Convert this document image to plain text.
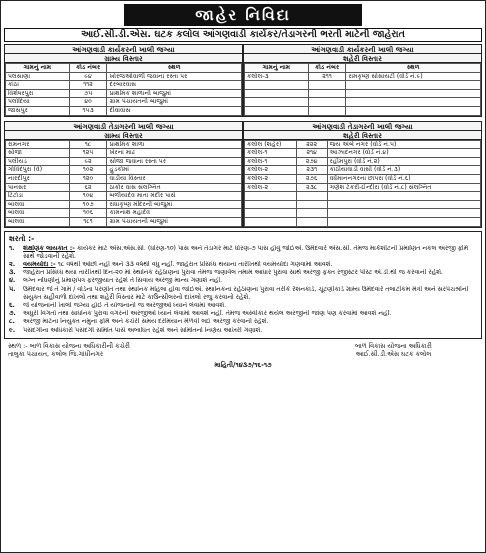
જાહેર નિવિદા
આઈ.સી.ડી.એસ. ઘટક કલોલ આંગણવાડી કાર્યકર/તેડાગરની ભરતી માટેની જાહેરાત
આંગણવાડી કાર્યકરની ખાલી જગ્યા
ગ્રામ્ય વિસ્તાર
ગામનું નામ	કોડ નંબર	સ્થળ
પલસાણા	૯૪	ખોરજઓવાળી જવાના રસ્તા પર
કાંઠા	૧૧૨	દરબારવાસ
વિશેષરપુરા	૭૫	પ્રાથમિક શાળાની બાજુમાં
પલોદિયા	૪૦	ગ્રામ પંચાયતની બાજુમાં
જાસપુર	૧૫૩	દીવાવાસ
આંગણવાડી કાર્યકરની ખાલી જગ્યા
શહેરી વિસ્તાર
ગામનું નામ	કોડ નંબર	સ્થળ
કલોલ-૩	૨૧૧	રામકૃષ્ણ સોસાયટી (વોર્ડ નં.૯)

આંગણવાડી તેડાગરની ખાલી જગ્યા
ગ્રામ્ય વિસ્તાર
રામનગર	૧૮	પ્રાથમિક શાળા
સોજા	૧૨૫	ખેરના માઢ
પલીયડ	૯૨	સોજા જવાના રસ્તા પર
ગોવિંદપુરા (વે)	૧૦૨	હુડકોમાં
નારદીપુર	૧૨૦	વાડીયા વિસ્તાર
પાનસર	૬૨	ઠાકોર વાસ સંલગ્નિત
ટિંટોડા	૧૦૪	બળીયાદેવ માતા મંદીર પાસે
બાલવા	૧૦૭	રાધાકૃષ્ણ મંદિરની બાજુમાં
બાલવા	૧૦૬	કામનાથ મહાદેવ
બાલવા	૧૮૧	ગ્રામ પંચાયતની બાજુમાં
આંગણવાડી તેડાગરની ખાલી જગ્યા
શહેરી વિસ્તાર
કલોલ (શહેર)	૨૨૨	જય અંબે નગર (વોર્ડ નં.૫)
કલોલ-૧	૨૧૪	આઝાદનગર (વોર્ડ નં.૪)
કલોલ-૧	૨૭૪	રહીમપુરા (વોર્ડ નં.૨)
કલોલ-૨	૨૩૧	કાઠીયાવાડી વાસી (વોર્ડ નં.૩)
કલોલ-૨	૨૭૬	વર્ધમાનનગરના છાપરા (વોર્ડ નં.૬)
કલોલ-૨	૨૩૮	ગણેશ ટેકરી-ઈન્દીરા (વોર્ડ નં.૮) સંલગ્નિત

શરતો :-
૧.	શૈક્ષણિક લાયકાત :- કાર્યકર માટે એસ.એસ.સી. (ધોરણ-૧૦) પાસ અને તેડાગર માટે ધોરણ-૭ પાસ હોવું જોઈએ. ઉમેદવારે એસ.સી. તેમજ માર્કશીટની પ્રમાણિત નકલ અરજી ફોર્મ સાથે જોડવાની રહેશે.
૨.	વયમર્યાદા :- ૧૮ વર્ષથી ઓછી નહી અને ૩૩ વર્ષથી વધુ નહીં. જાહેરાત પ્રસિધ્ધ થયાના તારીખથી વયમર્યાદા ગણવામાં આવશે.
૩.	જાહેરાત પ્રસિધ્ધ થયા તારીખથી દિન-૨૦ માં સ્થાનિક રહેઠાણના પુરાવા તેમજ જણાવેલ તમામ આધાર પુરાવા સાથે અરજી ફક્ત રજીસ્ટર પોસ્ટ એ.ડી.થી જ કરવાની રહેશે.
૪.	લગ્ન નોંધણીનું પ્રમાણપત્ર ફરજીયાત રહેશે તે સિવાય અરજી માન્ય ગણાશે નહી.
૫.	ઉમેદવાર જે તે ગામ / વોર્ડના પરણીત તથા સ્થાનિક મહિલા હોવા જોઈએ. સ્થાનિકના રહેઠાણના પુરાવા તરીકે રેશનકાર્ડ, ચૂંટણીકાર્ડ ગ્રામ્ય ઉમેદવારે તલાટીકમ મંત્રી અને સરપંચશ્રીની સંયુક્ત સહીવાળો દાખલો તથા શહેરી વિસ્તાર માટે કાઉન્સીલરનો દાખલો રજુ કરવાનો રહેશે.
૬.	જે યોજનાની ખાલી જગ્યા હોઈ તે યોજનાની જ અરજીઓ ધ્યાને લેવામાં આવશે.
૭.	અધુરી વિગતો તથા સાધનિક પુરાવા વગરની અરજીઓ ધ્યાને લેવામાં આવશે નહીં. તેમજ અસ્વીકાર થયેલ અરજીની જાણ પણ કરવામાં આવશે નહીં.
૮.	અરજી માટેના નિયુક્ત નમુના ફોર્મ અને કચેરી સમય દરમિયાન મેળવી લઈ અરજી કરવાની રહેશે.
૯.	પસંદગીના અધિકારો પસંદગી સમિતિ પાસે અબાધિત રહેશે અને સમિતિનો નિર્ણય આખરી ગણાશે.
સ્થળ :- બાળ વિકાસ યોજના અધિકારીની કચેરી
તાલુકા પંચાયત, કલોલ જિ.ગાંધીનગર
બાળ વિકાસ યોજના અધિકારી
આઈ.સી.ડી.એસ ઘટક કલોલ
માહિતી/૧૪૩૭/૧૬-૧૭
